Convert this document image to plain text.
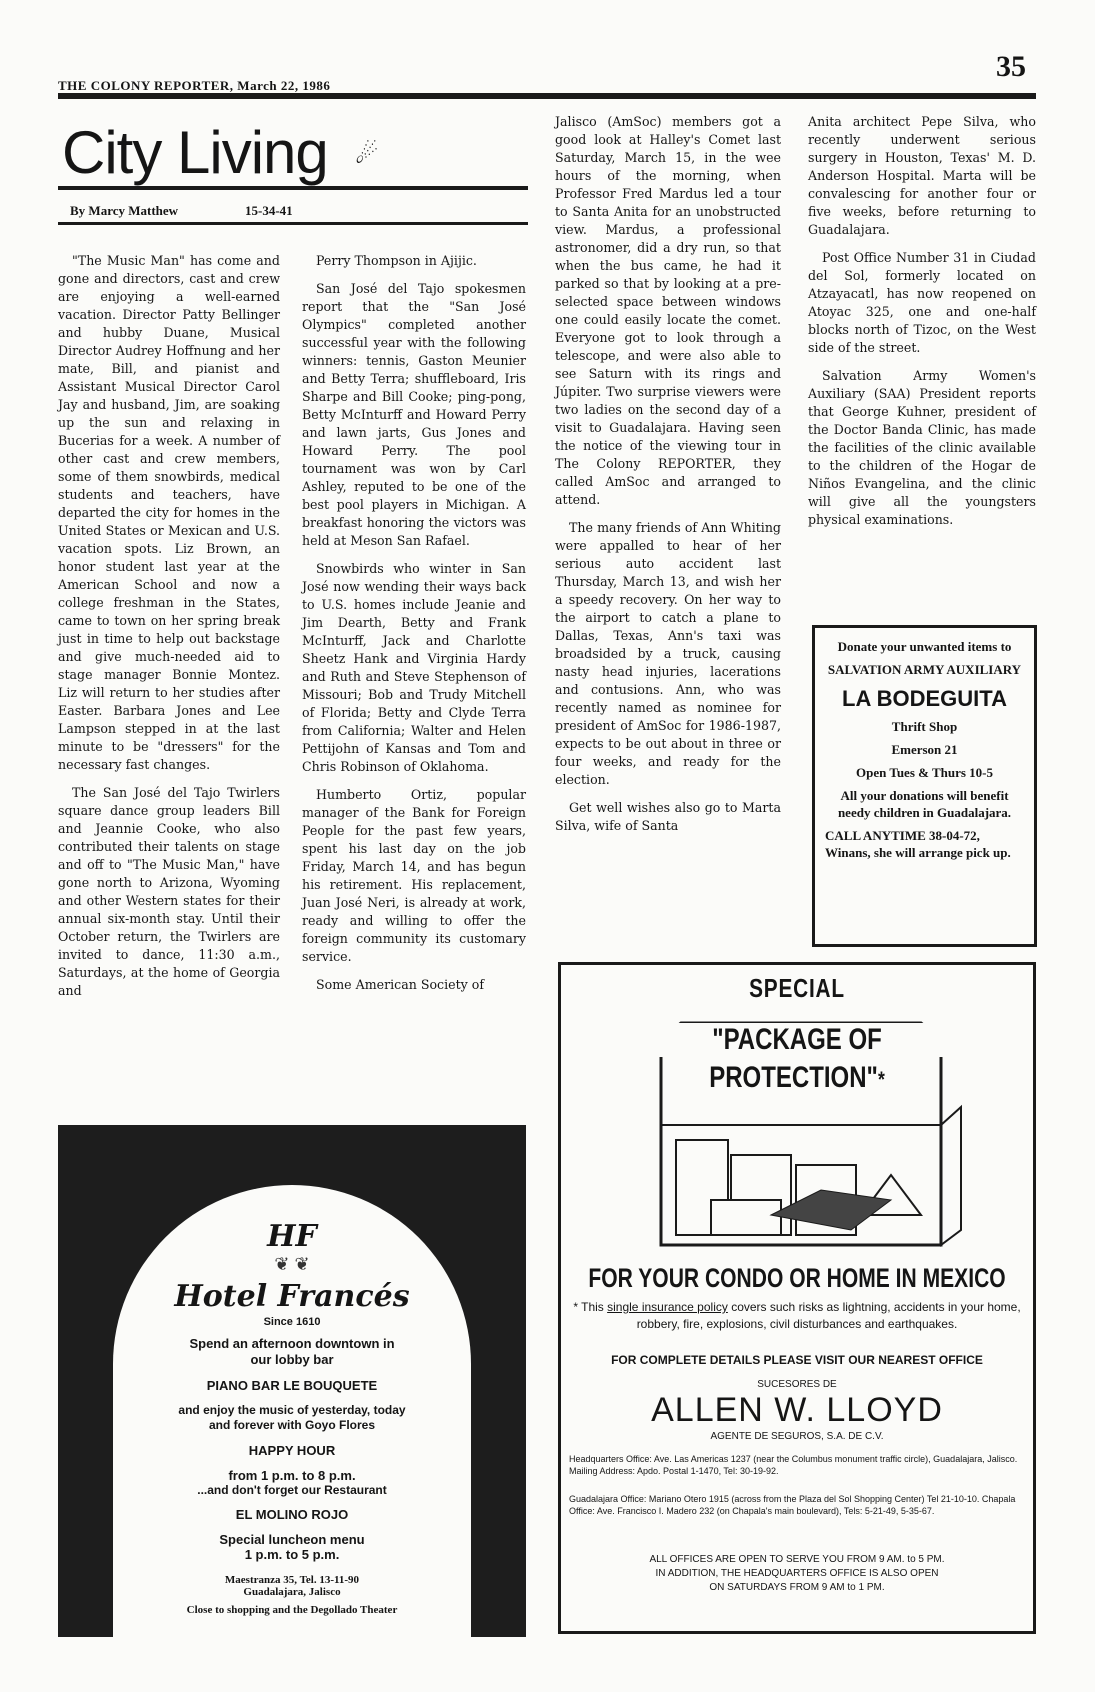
THE COLONY REPORTER, March 22, 1986
35
City Living ☄
By Marcy Matthew	15-34-41

"The Music Man" has come and gone and directors, cast and crew are enjoying a well-earned vacation. Director Patty Bellinger and hubby Duane, Musical Director Audrey Hoffnung and her mate, Bill, and pianist and Assistant Musical Director Carol Jay and husband, Jim, are soaking up the sun and relaxing in Bucerias for a week. A number of other cast and crew members, some of them snowbirds, medical students and teachers, have departed the city for homes in the United States or Mexican and U.S. vacation spots. Liz Brown, an honor student last year at the American School and now a college freshman in the States, came to town on her spring break just in time to help out backstage and give much-needed aid to stage manager Bonnie Montez. Liz will return to her studies after Easter. Barbara Jones and Lee Lampson stepped in at the last minute to be "dressers" for the necessary fast changes.

The San José del Tajo Twirlers square dance group leaders Bill and Jeannie Cooke, who also contributed their talents on stage and off to "The Music Man," have gone north to Arizona, Wyoming and other Western states for their annual six-month stay. Until their October return, the Twirlers are invited to dance, 11:30 a.m., Saturdays, at the home of Georgia and

Perry Thompson in Ajijic.

San José del Tajo spokesmen report that the "San José Olympics" completed another successful year with the following winners: tennis, Gaston Meunier and Betty Terra; shuffleboard, Iris Sharpe and Bill Cooke; ping-pong, Betty McInturff and Howard Perry and lawn jarts, Gus Jones and Howard Perry. The pool tournament was won by Carl Ashley, reputed to be one of the best pool players in Michigan. A breakfast honoring the victors was held at Meson San Rafael.

Snowbirds who winter in San José now wending their ways back to U.S. homes include Jeanie and Jim Dearth, Betty and Frank McInturff, Jack and Charlotte Sheetz Hank and Virginia Hardy and Ruth and Steve Stephenson of Missouri; Bob and Trudy Mitchell of Florida; Betty and Clyde Terra from California; Walter and Helen Pettijohn of Kansas and Tom and Chris Robinson of Oklahoma.

Humberto Ortiz, popular manager of the Bank for Foreign People for the past few years, spent his last day on the job Friday, March 14, and has begun his retirement. His replacement, Juan José Neri, is already at work, ready and willing to offer the foreign community its customary service.

Some American Society of

Jalisco (AmSoc) members got a good look at Halley's Comet last Saturday, March 15, in the wee hours of the morning, when Professor Fred Mardus led a tour to Santa Anita for an unobstructed view. Mardus, a professional astronomer, did a dry run, so that when the bus came, he had it parked so that by looking at a pre-selected space between windows one could easily locate the comet. Everyone got to look through a telescope, and were also able to see Saturn with its rings and Júpiter. Two surprise viewers were two ladies on the second day of a visit to Guadalajara. Having seen the notice of the viewing tour in The Colony REPORTER, they called AmSoc and arranged to attend.

The many friends of Ann Whiting were appalled to hear of her serious auto accident last Thursday, March 13, and wish her a speedy recovery. On her way to the airport to catch a plane to Dallas, Texas, Ann's taxi was broadsided by a truck, causing nasty head injuries, lacerations and contusions. Ann, who was recently named as nominee for president of AmSoc for 1986-1987, expects to be out about in three or four weeks, and ready for the election.

Get well wishes also go to Marta Silva, wife of Santa

Anita architect Pepe Silva, who recently underwent serious surgery in Houston, Texas' M. D. Anderson Hospital. Marta will be convalescing for another four or five weeks, before returning to Guadalajara.

Post Office Number 31 in Ciudad del Sol, formerly located on Atzayacatl, has now reopened on Atoyac 325, one and one-half blocks north of Tizoc, on the West side of the street.

Salvation Army Women's Auxiliary (SAA) President reports that George Kuhner, president of the Doctor Banda Clinic, has made the facilities of the clinic available to the children of the Hogar de Niños Evangelina, and the clinic will give all the youngsters physical examinations.

Donate your unwanted items to
SALVATION ARMY AUXILIARY
LA BODEGUITA
Thrift Shop
Emerson 21
Open Tues & Thurs 10-5
All your donations will benefit needy children in Guadalajara.
CALL ANYTIME 38-04-72, Winans, she will arrange pick up.
HF
❦ ❦
Hotel Francés
Since 1610
Spend an afternoon downtown in our lobby bar
PIANO BAR LE BOUQUETE
and enjoy the music of yesterday, today and forever with Goyo Flores
HAPPY HOUR
from 1 p.m. to 8 p.m.
...and don't forget our Restaurant
EL MOLINO ROJO
Special luncheon menu
1 p.m. to 5 p.m.
Maestranza 35, Tel. 13-11-90
Guadalajara, Jalisco
Close to shopping and the Degollado Theater
SPECIAL
"PACKAGE OF
PROTECTION"*
FOR YOUR CONDO OR HOME IN MEXICO
* This single insurance policy covers such risks as lightning, accidents in your home, robbery, fire, explosions, civil disturbances and earthquakes.
FOR COMPLETE DETAILS PLEASE VISIT OUR NEAREST OFFICE
SUCESORES DE
ALLEN W. LLOYD
AGENTE DE SEGUROS, S.A. DE C.V.
Headquarters Office: Ave. Las Americas 1237 (near the Columbus monument traffic circle), Guadalajara, Jalisco. Mailing Address: Apdo. Postal 1-1470, Tel: 30-19-92.
Guadalajara Office: Mariano Otero 1915 (across from the Plaza del Sol Shopping Center) Tel 21-10-10. Chapala Office: Ave. Francisco I. Madero 232 (on Chapala's main boulevard), Tels: 5-21-49, 5-35-67.
ALL OFFICES ARE OPEN TO SERVE YOU FROM 9 AM. to 5 PM.
IN ADDITION, THE HEADQUARTERS OFFICE IS ALSO OPEN
ON SATURDAYS FROM 9 AM to 1 PM.
